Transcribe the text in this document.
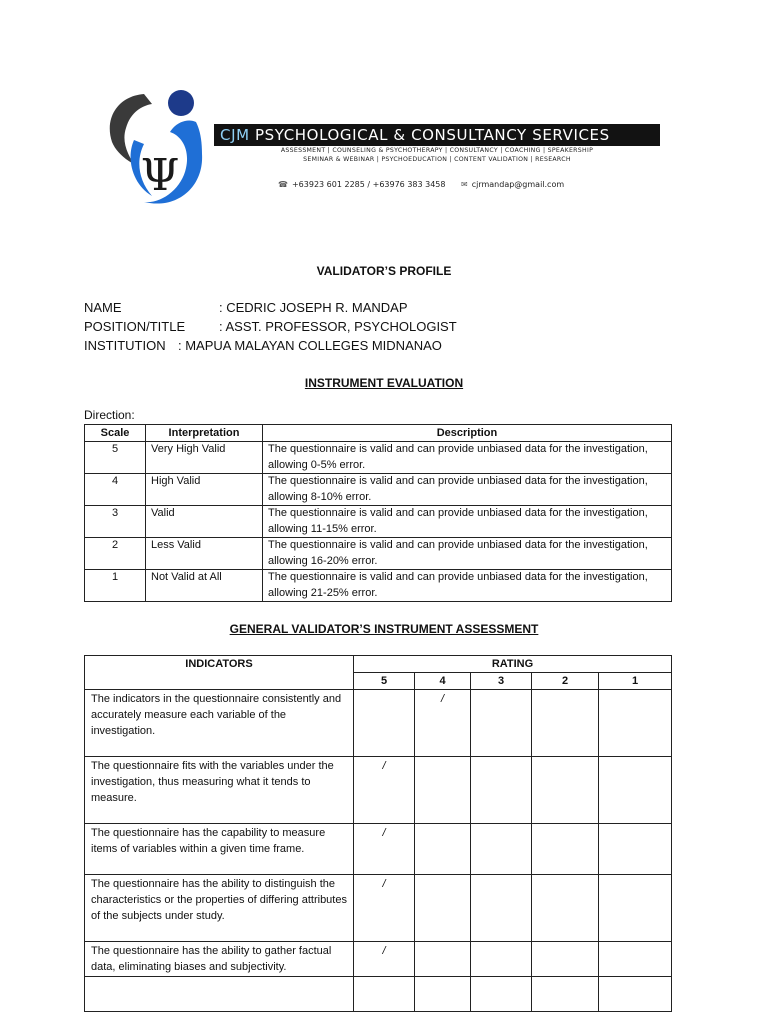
Ψ
CJM PSYCHOLOGICAL & CONSULTANCY SERVICES
ASSESSMENT | COUNSELING & PSYCHOTHERAPY | CONSULTANCY | COACHING | SPEAKERSHIP
SEMINAR & WEBINAR | PSYCHOEDUCATION | CONTENT VALIDATION | RESEARCH
☎ +63923 601 2285 / +63976 383 3458 ✉ cjrmandap@gmail.com
VALIDATOR’S PROFILE
NAME	: CEDRIC JOSEPH R. MANDAP
POSITION/TITLE	: ASST. PROFESSOR, PSYCHOLOGIST
INSTITUTION : MAPUA MALAYAN COLLEGES MIDNANAO
INSTRUMENT EVALUATION
Direction:
Scale	Interpretation	Description
5	Very High Valid	The questionnaire is valid and can provide unbiased data for the investigation, allowing 0-5% error.
4	High Valid	The questionnaire is valid and can provide unbiased data for the investigation, allowing 8-10% error.
3	Valid	The questionnaire is valid and can provide unbiased data for the investigation, allowing 11-15% error.
2	Less Valid	The questionnaire is valid and can provide unbiased data for the investigation, allowing 16-20% error.
1	Not Valid at All	The questionnaire is valid and can provide unbiased data for the investigation, allowing 21-25% error.
GENERAL VALIDATOR’S INSTRUMENT ASSESSMENT
INDICATORS	RATING				
	5	4	3	2	1
The indicators in the questionnaire consistently and accurately measure each variable of the investigation.		/			
The questionnaire fits with the variables under the investigation, thus measuring what it tends to measure.	/				
The questionnaire has the capability to measure items of variables within a given time frame.	/				
The questionnaire has the ability to distinguish the characteristics or the properties of differing attributes of the subjects under study.	/				
The questionnaire has the ability to gather factual data, eliminating biases and subjectivity.	/				
